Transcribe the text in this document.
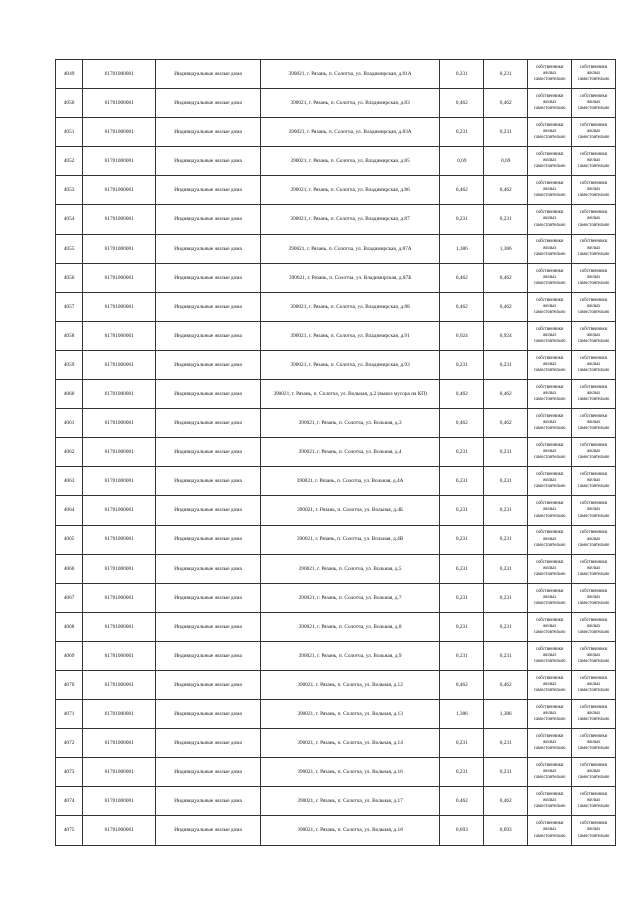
4049	61701000001	Индивидуальные жилые дома	390021, г. Рязань, п. Солотча, ул. Владимирская, д.81А	0,231	0,231	собственники жилых самостоятельно	собственники жилых самостоятельно
4050	61701000001	Индивидуальные жилые дома	390021, г. Рязань, п. Солотча, ул. Владимирская, д.83	0,462	0,462	собственники жилых самостоятельно	собственники жилых самостоятельно
4051	61701000001	Индивидуальные жилые дома	390021, г. Рязань, п. Солотча, ул. Владимирская, д.83А	0,231	0,231	собственники жилых самостоятельно	собственники жилых самостоятельно
4052	61701000001	Индивидуальные жилые дома	390021, г. Рязань, п. Солотча, ул. Владимирская, д.85	0,69	0,69	собственники жилых самостоятельно	собственники жилых самостоятельно
4053	61701000001	Индивидуальные жилые дома	390021, г. Рязань, п. Солотча, ул. Владимирская, д.86	0,462	0,462	собственники жилых самостоятельно	собственники жилых самостоятельно
4054	61701000001	Индивидуальные жилые дома	390021, г. Рязань, п. Солотча, ул. Владимирская, д.87	0,231	0,231	собственники жилых самостоятельно	собственники жилых самостоятельно
4055	61701000001	Индивидуальные жилые дома	390021, г. Рязань, п. Солотча, ул. Владимирская, д.87А	1,386	1,386	собственники жилых самостоятельно	собственники жилых самостоятельно
4056	61701000001	Индивидуальные жилые дома	390021, г. Рязань, п. Солотча, ул. Владимирская, д.87Б	0,462	0,462	собственники жилых самостоятельно	собственники жилых самостоятельно
4057	61701000001	Индивидуальные жилые дома	390021, г. Рязань, п. Солотча, ул. Владимирская, д.88	0,462	0,462	собственники жилых самостоятельно	собственники жилых самостоятельно
4058	61701000001	Индивидуальные жилые дома	390021, г. Рязань, п. Солотча, ул. Владимирская, д.91	0,924	0,924	собственники жилых самостоятельно	собственники жилых самостоятельно
4059	61701000001	Индивидуальные жилые дома	390021, г. Рязань, п. Солотча, ул. Владимирская, д.93	0,231	0,231	собственники жилых самостоятельно	собственники жилых самостоятельно
4060	61701000001	Индивидуальные жилые дома	390021, г. Рязань, п. Солотча, ул. Вольная, д.2 (вывоз мусора на КП)	0,462	0,462	собственники жилых самостоятельно	собственники жилых самостоятельно
4061	61701000001	Индивидуальные жилые дома	390021, г. Рязань, п. Солотча, ул. Вольная, д.3	0,462	0,462	собственники жилых самостоятельно	собственники жилых самостоятельно
4062	61701000001	Индивидуальные жилые дома	390021, г. Рязань, п. Солотча, ул. Вольная, д.4	0,231	0,231	собственники жилых самостоятельно	собственники жилых самостоятельно
4063	61701000001	Индивидуальные жилые дома	390021, г. Рязань, п. Солотча, ул. Вольная, д.4А	0,231	0,231	собственники жилых самостоятельно	собственники жилых самостоятельно
4064	61701000001	Индивидуальные жилые дома	390021, г. Рязань, п. Солотча, ул. Вольная, д.4Б	0,231	0,231	собственники жилых самостоятельно	собственники жилых самостоятельно
4065	61701000001	Индивидуальные жилые дома	390021, г. Рязань, п. Солотча, ул. Вольная, д.4В	0,231	0,231	собственники жилых самостоятельно	собственники жилых самостоятельно
4066	61701000001	Индивидуальные жилые дома	390021, г. Рязань, п. Солотча, ул. Вольная, д.5	0,231	0,231	собственники жилых самостоятельно	собственники жилых самостоятельно
4067	61701000001	Индивидуальные жилые дома	390021, г. Рязань, п. Солотча, ул. Вольная, д.7	0,231	0,231	собственники жилых самостоятельно	собственники жилых самостоятельно
4068	61701000001	Индивидуальные жилые дома	390021, г. Рязань, п. Солотча, ул. Вольная, д.8	0,231	0,231	собственники жилых самостоятельно	собственники жилых самостоятельно
4069	61701000001	Индивидуальные жилые дома	390021, г. Рязань, п. Солотча, ул. Вольная, д.9	0,231	0,231	собственники жилых самостоятельно	собственники жилых самостоятельно
4070	61701000001	Индивидуальные жилые дома	390021, г. Рязань, п. Солотча, ул. Вольная, д.12	0,462	0,462	собственники жилых самостоятельно	собственники жилых самостоятельно
4071	61701000001	Индивидуальные жилые дома	390021, г. Рязань, п. Солотча, ул. Вольная, д.13	1,386	1,386	собственники жилых самостоятельно	собственники жилых самостоятельно
4072	61701000001	Индивидуальные жилые дома	390021, г. Рязань, п. Солотча, ул. Вольная, д.14	0,231	0,231	собственники жилых самостоятельно	собственники жилых самостоятельно
4073	61701000001	Индивидуальные жилые дома	390021, г. Рязань, п. Солотча, ул. Вольная, д.16	0,231	0,231	собственники жилых самостоятельно	собственники жилых самостоятельно
4074	61701000001	Индивидуальные жилые дома	390021, г. Рязань, п. Солотча, ул. Вольная, д.17	0,462	0,462	собственники жилых самостоятельно	собственники жилых самостоятельно
4075	61701000001	Индивидуальные жилые дома	390021, г. Рязань, п. Солотча, ул. Вольная, д.18	0,693	0,693	собственники жилых самостоятельно	собственники жилых самостоятельно
